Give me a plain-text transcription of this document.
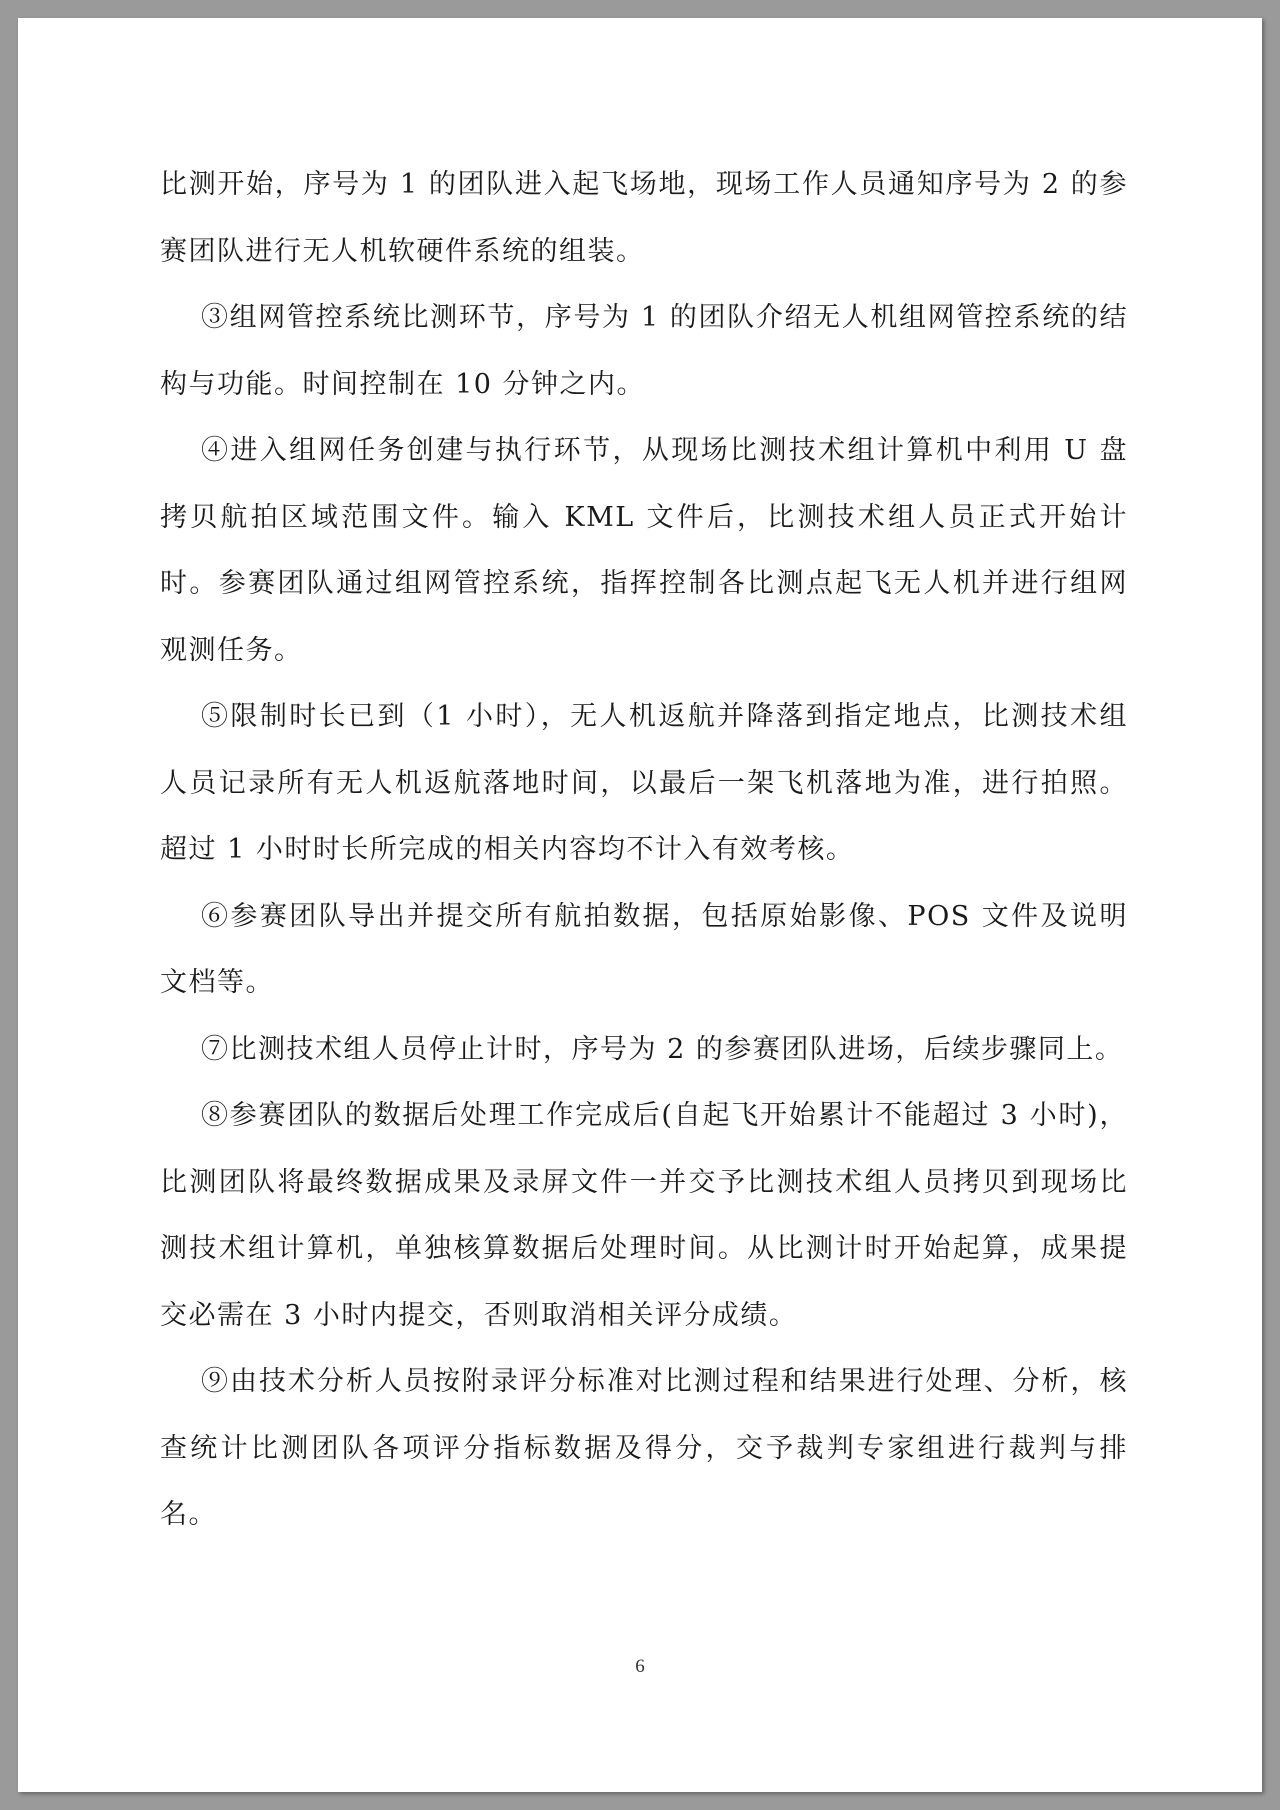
比测开始，序号为 1 的团队进入起飞场地，现场工作人员通知序号为 2 的参赛团队进行无人机软硬件系统的组装。

③组网管控系统比测环节，序号为 1 的团队介绍无人机组网管控系统的结构与功能。时间控制在 10 分钟之内。

④进入组网任务创建与执行环节，从现场比测技术组计算机中利用 U 盘拷贝航拍区域范围文件。输入 KML 文件后，比测技术组人员正式开始计时。参赛团队通过组网管控系统，指挥控制各比测点起飞无人机并进行组网观测任务。

⑤限制时长已到（1 小时），无人机返航并降落到指定地点，比测技术组人员记录所有无人机返航落地时间，以最后一架飞机落地为准，进行拍照。超过 1 小时时长所完成的相关内容均不计入有效考核。

⑥参赛团队导出并提交所有航拍数据，包括原始影像、POS 文件及说明文档等。

⑦比测技术组人员停止计时，序号为 2 的参赛团队进场，后续步骤同上。

⑧参赛团队的数据后处理工作完成后(自起飞开始累计不能超过 3 小时)，比测团队将最终数据成果及录屏文件一并交予比测技术组人员拷贝到现场比测技术组计算机，单独核算数据后处理时间。从比测计时开始起算，成果提交必需在 3 小时内提交，否则取消相关评分成绩。

⑨由技术分析人员按附录评分标准对比测过程和结果进行处理、分析，核查统计比测团队各项评分指标数据及得分，交予裁判专家组进行裁判与排名。

6
